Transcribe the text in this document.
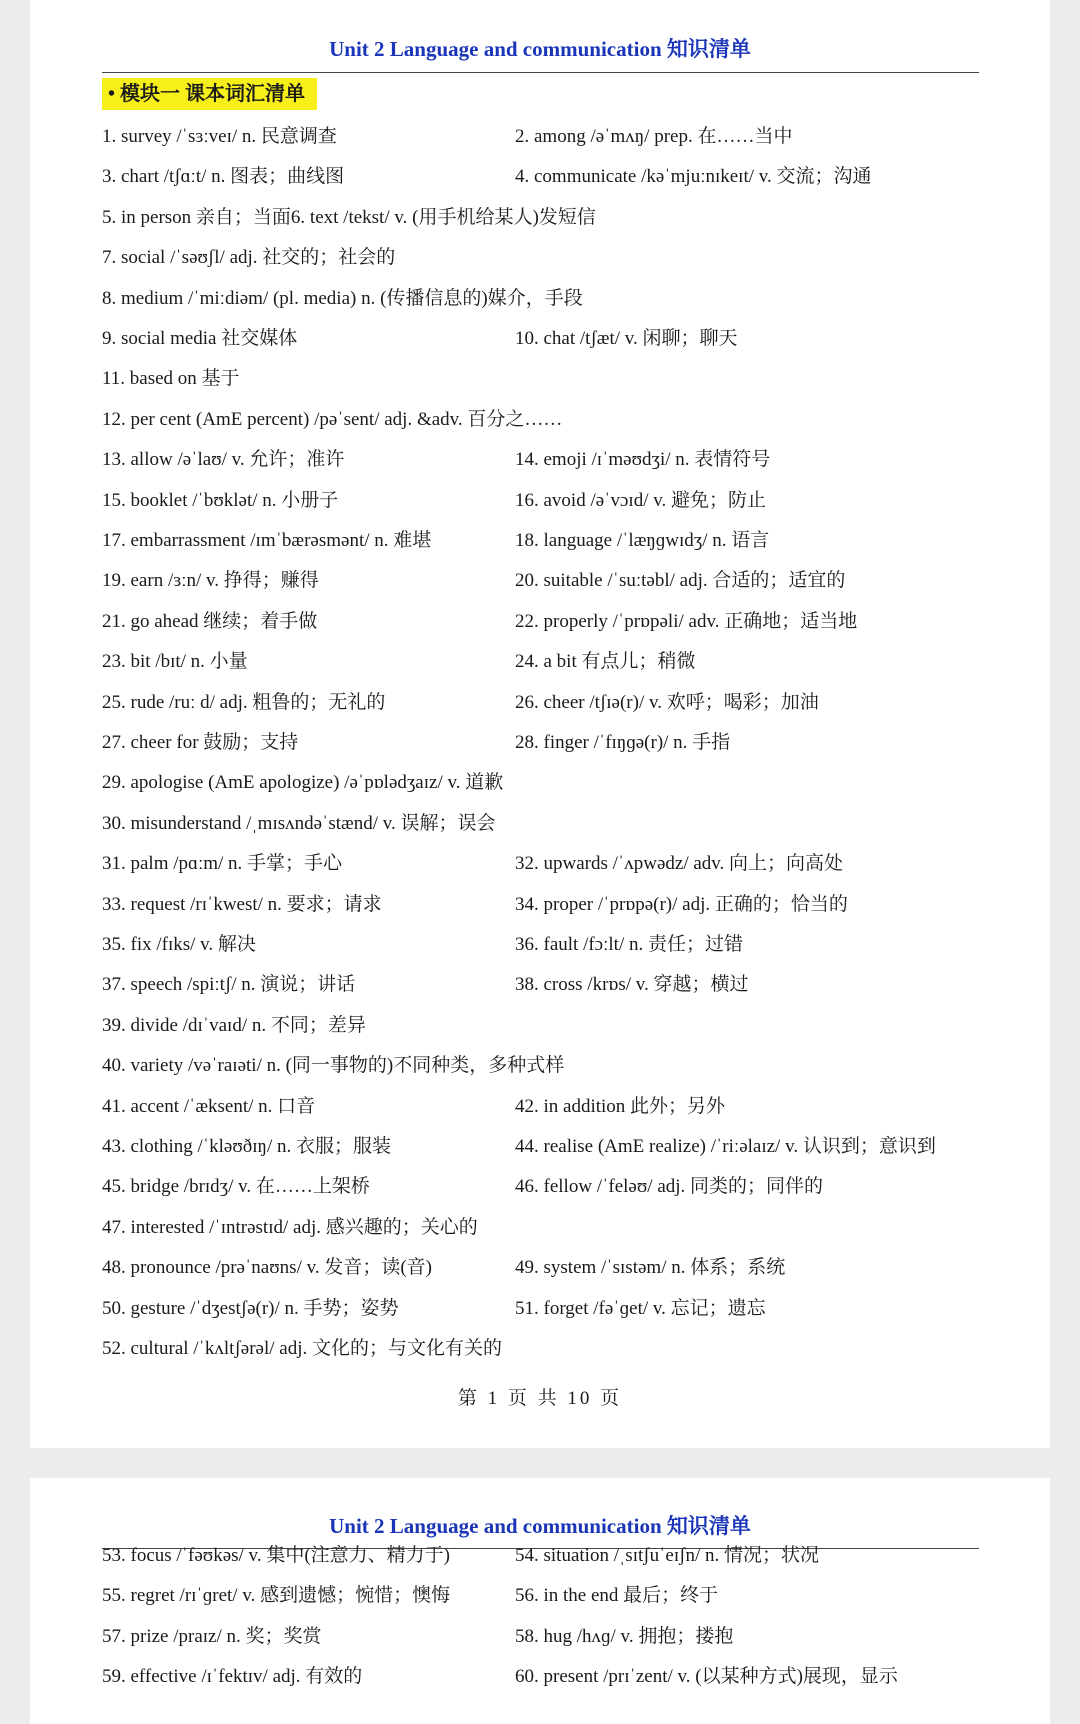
Unit 2 Language and communication 知识清单
• 模块一 课本词汇清单
1. survey /ˈsɜːveɪ/ n. 民意调查	2. among /əˈmʌŋ/ prep. 在……当中
3. chart /tʃɑːt/ n. 图表；曲线图	4. communicate /kəˈmjuːnɪkeɪt/ v. 交流；沟通
5. in person 亲自；当面6. text /tekst/ v. (用手机给某人)发短信
7. social /ˈsəʊʃl/ adj. 社交的；社会的
8. medium /ˈmiːdiəm/ (pl. media) n. (传播信息的)媒介，手段
9. social media 社交媒体	10. chat /tʃæt/ v. 闲聊；聊天
11. based on 基于
12. per cent (AmE percent) /pəˈsent/ adj. &adv. 百分之……
13. allow /əˈlaʊ/ v. 允许；准许	14. emoji /ɪˈməʊdʒi/ n. 表情符号
15. booklet /ˈbʊklət/ n. 小册子	16. avoid /əˈvɔɪd/ v. 避免；防止
17. embarrassment /ɪmˈbærəsmənt/ n. 难堪	18. language /ˈlæŋɡwɪdʒ/ n. 语言
19. earn /ɜːn/ v. 挣得；赚得	20. suitable /ˈsuːtəbl/ adj. 合适的；适宜的
21. go ahead 继续；着手做	22. properly /ˈprɒpəli/ adv. 正确地；适当地
23. bit /bɪt/ n. 小量	24. a bit 有点儿；稍微
25. rude /ruː d/ adj. 粗鲁的；无礼的	26. cheer /tʃɪə(r)/ v. 欢呼；喝彩；加油
27. cheer for 鼓励；支持	28. finger /ˈfɪŋɡə(r)/ n. 手指
29. apologise (AmE apologize) /əˈpɒlədʒaɪz/ v. 道歉
30. misunderstand /ˌmɪsʌndəˈstænd/ v. 误解；误会
31. palm /pɑːm/ n. 手掌；手心	32. upwards /ˈʌpwədz/ adv. 向上；向高处
33. request /rɪˈkwest/ n. 要求；请求	34. proper /ˈprɒpə(r)/ adj. 正确的；恰当的
35. fix /fɪks/ v. 解决	36. fault /fɔːlt/ n. 责任；过错
37. speech /spiːtʃ/ n. 演说；讲话	38. cross /krɒs/ v. 穿越；横过
39. divide /dɪˈvaɪd/ n. 不同；差异
40. variety /vəˈraɪəti/ n. (同一事物的)不同种类，多种式样
41. accent /ˈæksent/ n. 口音	42. in addition 此外；另外
43. clothing /ˈkləʊðɪŋ/ n. 衣服；服装	44. realise (AmE realize) /ˈriːəlaɪz/ v. 认识到；意识到
45. bridge /brɪdʒ/ v. 在……上架桥	46. fellow /ˈfeləʊ/ adj. 同类的；同伴的
47. interested /ˈɪntrəstɪd/ adj. 感兴趣的；关心的
48. pronounce /prəˈnaʊns/ v. 发音；读(音)	49. system /ˈsɪstəm/ n. 体系；系统
50. gesture /ˈdʒestʃə(r)/ n. 手势；姿势	51. forget /fəˈɡet/ v. 忘记；遗忘
52. cultural /ˈkʌltʃərəl/ adj. 文化的；与文化有关的
第 1 页 共 10 页
Unit 2 Language and communication 知识清单
53. focus /ˈfəʊkəs/ v. 集中(注意力、精力于)	54. situation /ˌsɪtʃuˈeɪʃn/ n. 情况；状况
55. regret /rɪˈɡret/ v. 感到遗憾；惋惜；懊悔	56. in the end 最后；终于
57. prize /praɪz/ n. 奖；奖赏	58. hug /hʌɡ/ v. 拥抱；搂抱
59. effective /ɪˈfektɪv/ adj. 有效的	60. present /prɪˈzent/ v. (以某种方式)展现，显示
